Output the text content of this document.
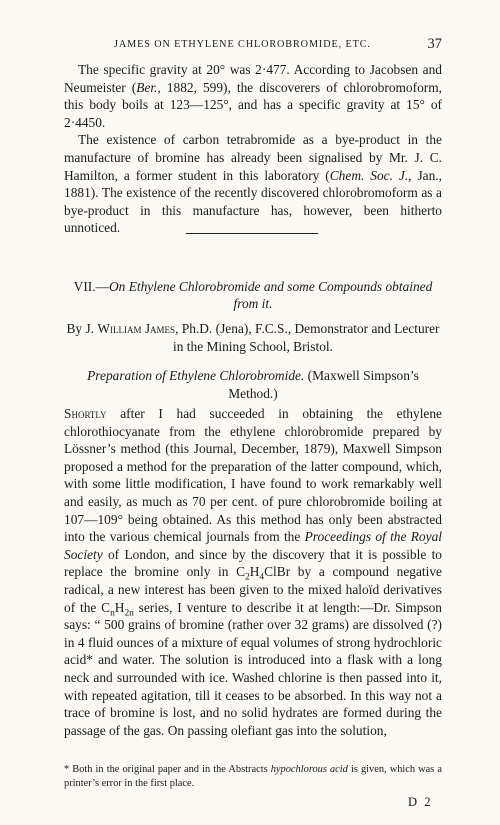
JAMES ON ETHYLENE CHLOROBROMIDE, ETC.	37

The specific gravity at 20° was 2·477. According to Jacobsen and Neumeister (Ber., 1882, 599), the discoverers of chlorobromoform, this body boils at 123—125°, and has a specific gravity at 15° of 2·4450.

The existence of carbon tetrabromide as a bye-product in the manufacture of bromine has already been signalised by Mr. J. C. Hamilton, a former student in this laboratory (Chem. Soc. J., Jan., 1881). The existence of the recently discovered chlorobromoform as a bye-product in this manufacture has, however, been hitherto unnoticed.

VII.—On Ethylene Chlorobromide and some Compounds obtained from it.
By J. William James, Ph.D. (Jena), F.C.S., Demonstrator and Lecturer in the Mining School, Bristol.
Preparation of Ethylene Chlorobromide. (Maxwell Simpson’s Method.)

Shortly after I had succeeded in obtaining the ethylene chlorothiocyanate from the ethylene chlorobromide prepared by Lössner’s method (this Journal, December, 1879), Maxwell Simpson proposed a method for the preparation of the latter compound, which, with some little modification, I have found to work remarkably well and easily, as much as 70 per cent. of pure chlorobromide boiling at 107—109° being obtained. As this method has only been abstracted into the various chemical journals from the Proceedings of the Royal Society of London, and since by the discovery that it is possible to replace the bromine only in $C_2H_4ClBr$ by a compound negative radical, a new interest has been given to the mixed haloïd derivatives of the $C_nH_{2n}$ series, I venture to describe it at length:—Dr. Simpson says: “ 500 grains of bromine (rather over 32 grams) are dissolved (?) in 4 fluid ounces of a mixture of equal volumes of strong hydrochloric acid* and water. The solution is introduced into a flask with a long neck and surrounded with ice. Washed chlorine is then passed into it, with repeated agitation, till it ceases to be absorbed. In this way not a trace of bromine is lost, and no solid hydrates are formed during the passage of the gas. On passing olefiant gas into the solution,

* Both in the original paper and in the Abstracts hypochlorous acid is given, which was a printer’s error in the first place.
D 2
